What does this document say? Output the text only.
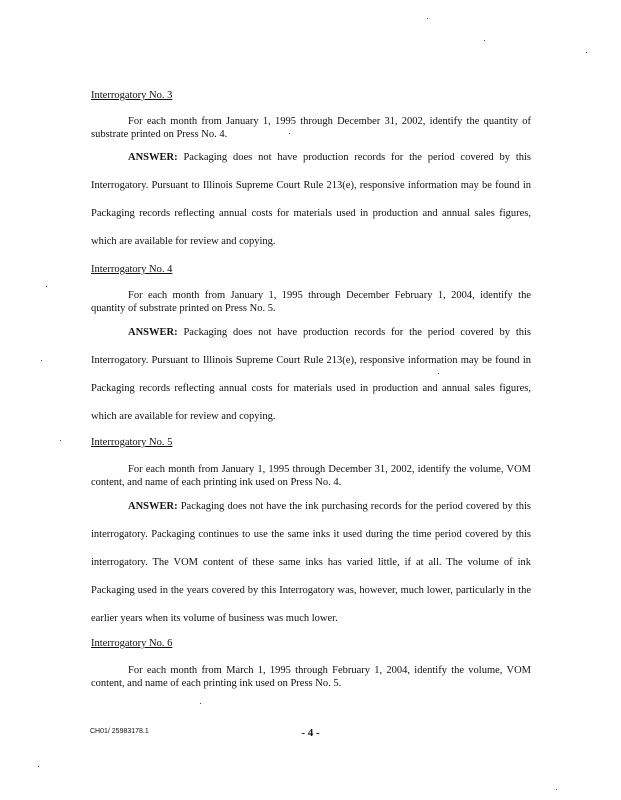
Interrogatory No. 3
For each month from January 1, 1995 through December 31, 2002, identify the quantity of substrate printed on Press No. 4.
ANSWER: Packaging does not have production records for the period covered by this Interrogatory. Pursuant to Illinois Supreme Court Rule 213(e), responsive information may be found in Packaging records reflecting annual costs for materials used in production and annual sales figures, which are available for review and copying.
Interrogatory No. 4
For each month from January 1, 1995 through December February 1, 2004, identify the quantity of substrate printed on Press No. 5.
ANSWER: Packaging does not have production records for the period covered by this Interrogatory. Pursuant to Illinois Supreme Court Rule 213(e), responsive information may be found in Packaging records reflecting annual costs for materials used in production and annual sales figures, which are available for review and copying.
Interrogatory No. 5
For each month from January 1, 1995 through December 31, 2002, identify the volume, VOM content, and name of each printing ink used on Press No. 4.
ANSWER: Packaging does not have the ink purchasing records for the period covered by this interrogatory. Packaging continues to use the same inks it used during the time period covered by this interrogatory. The VOM content of these same inks has varied little, if at all. The volume of ink Packaging used in the years covered by this Interrogatory was, however, much lower, particularly in the earlier years when its volume of business was much lower.
Interrogatory No. 6
For each month from March 1, 1995 through February 1, 2004, identify the volume, VOM content, and name of each printing ink used on Press No. 5.
CH01/ 25983178.1	- 4 -
